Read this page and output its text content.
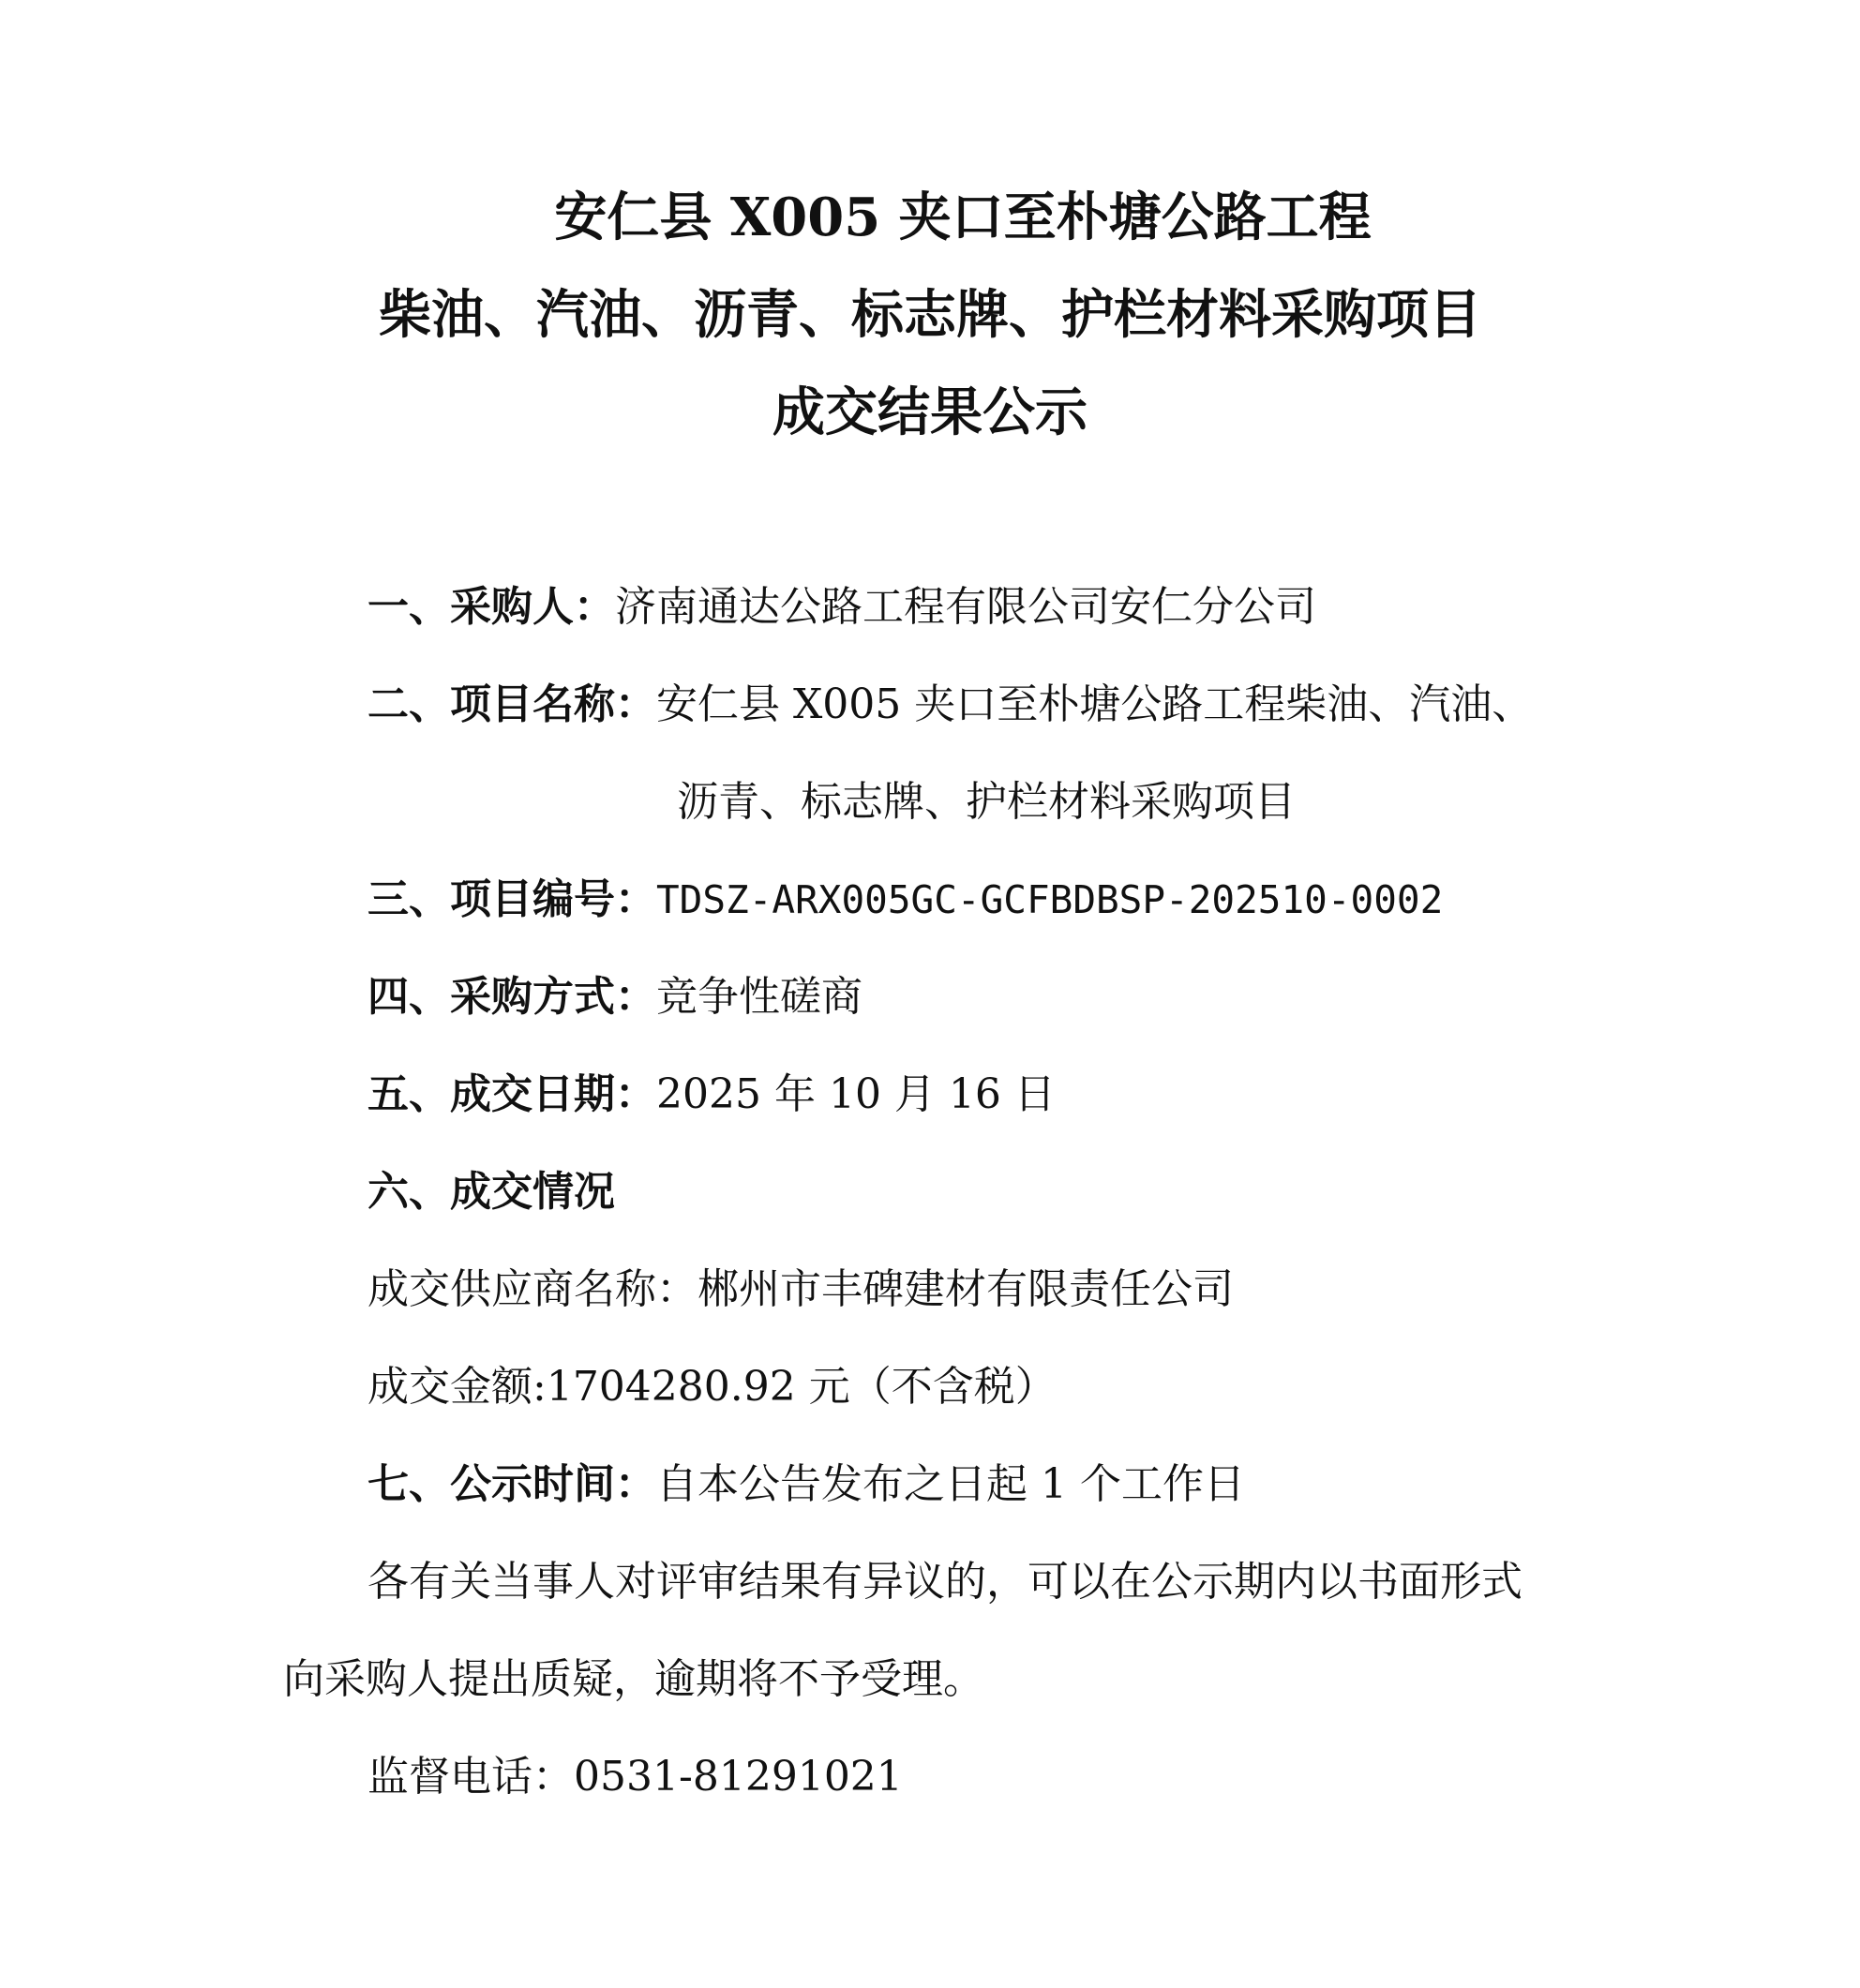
安仁县 X005 夹口至朴塘公路工程
柴油、汽油、沥青、标志牌、护栏材料采购项目
成交结果公示
一、采购人：济南通达公路工程有限公司安仁分公司
二、项目名称：安仁县 X005 夹口至朴塘公路工程柴油、汽油、
沥青、标志牌、护栏材料采购项目
三、项目编号：TDSZ-ARX005GC-GCFBDBSP-202510-0002
四、采购方式：竞争性磋商
五、成交日期：2025 年 10 月 16 日
六、成交情况
成交供应商名称：郴州市丰碑建材有限责任公司
成交金额:1704280.92 元（不含税）
七、公示时间：自本公告发布之日起 1 个工作日
各有关当事人对评审结果有异议的，可以在公示期内以书面形式
向采购人提出质疑，逾期将不予受理。
监督电话：0531-81291021
